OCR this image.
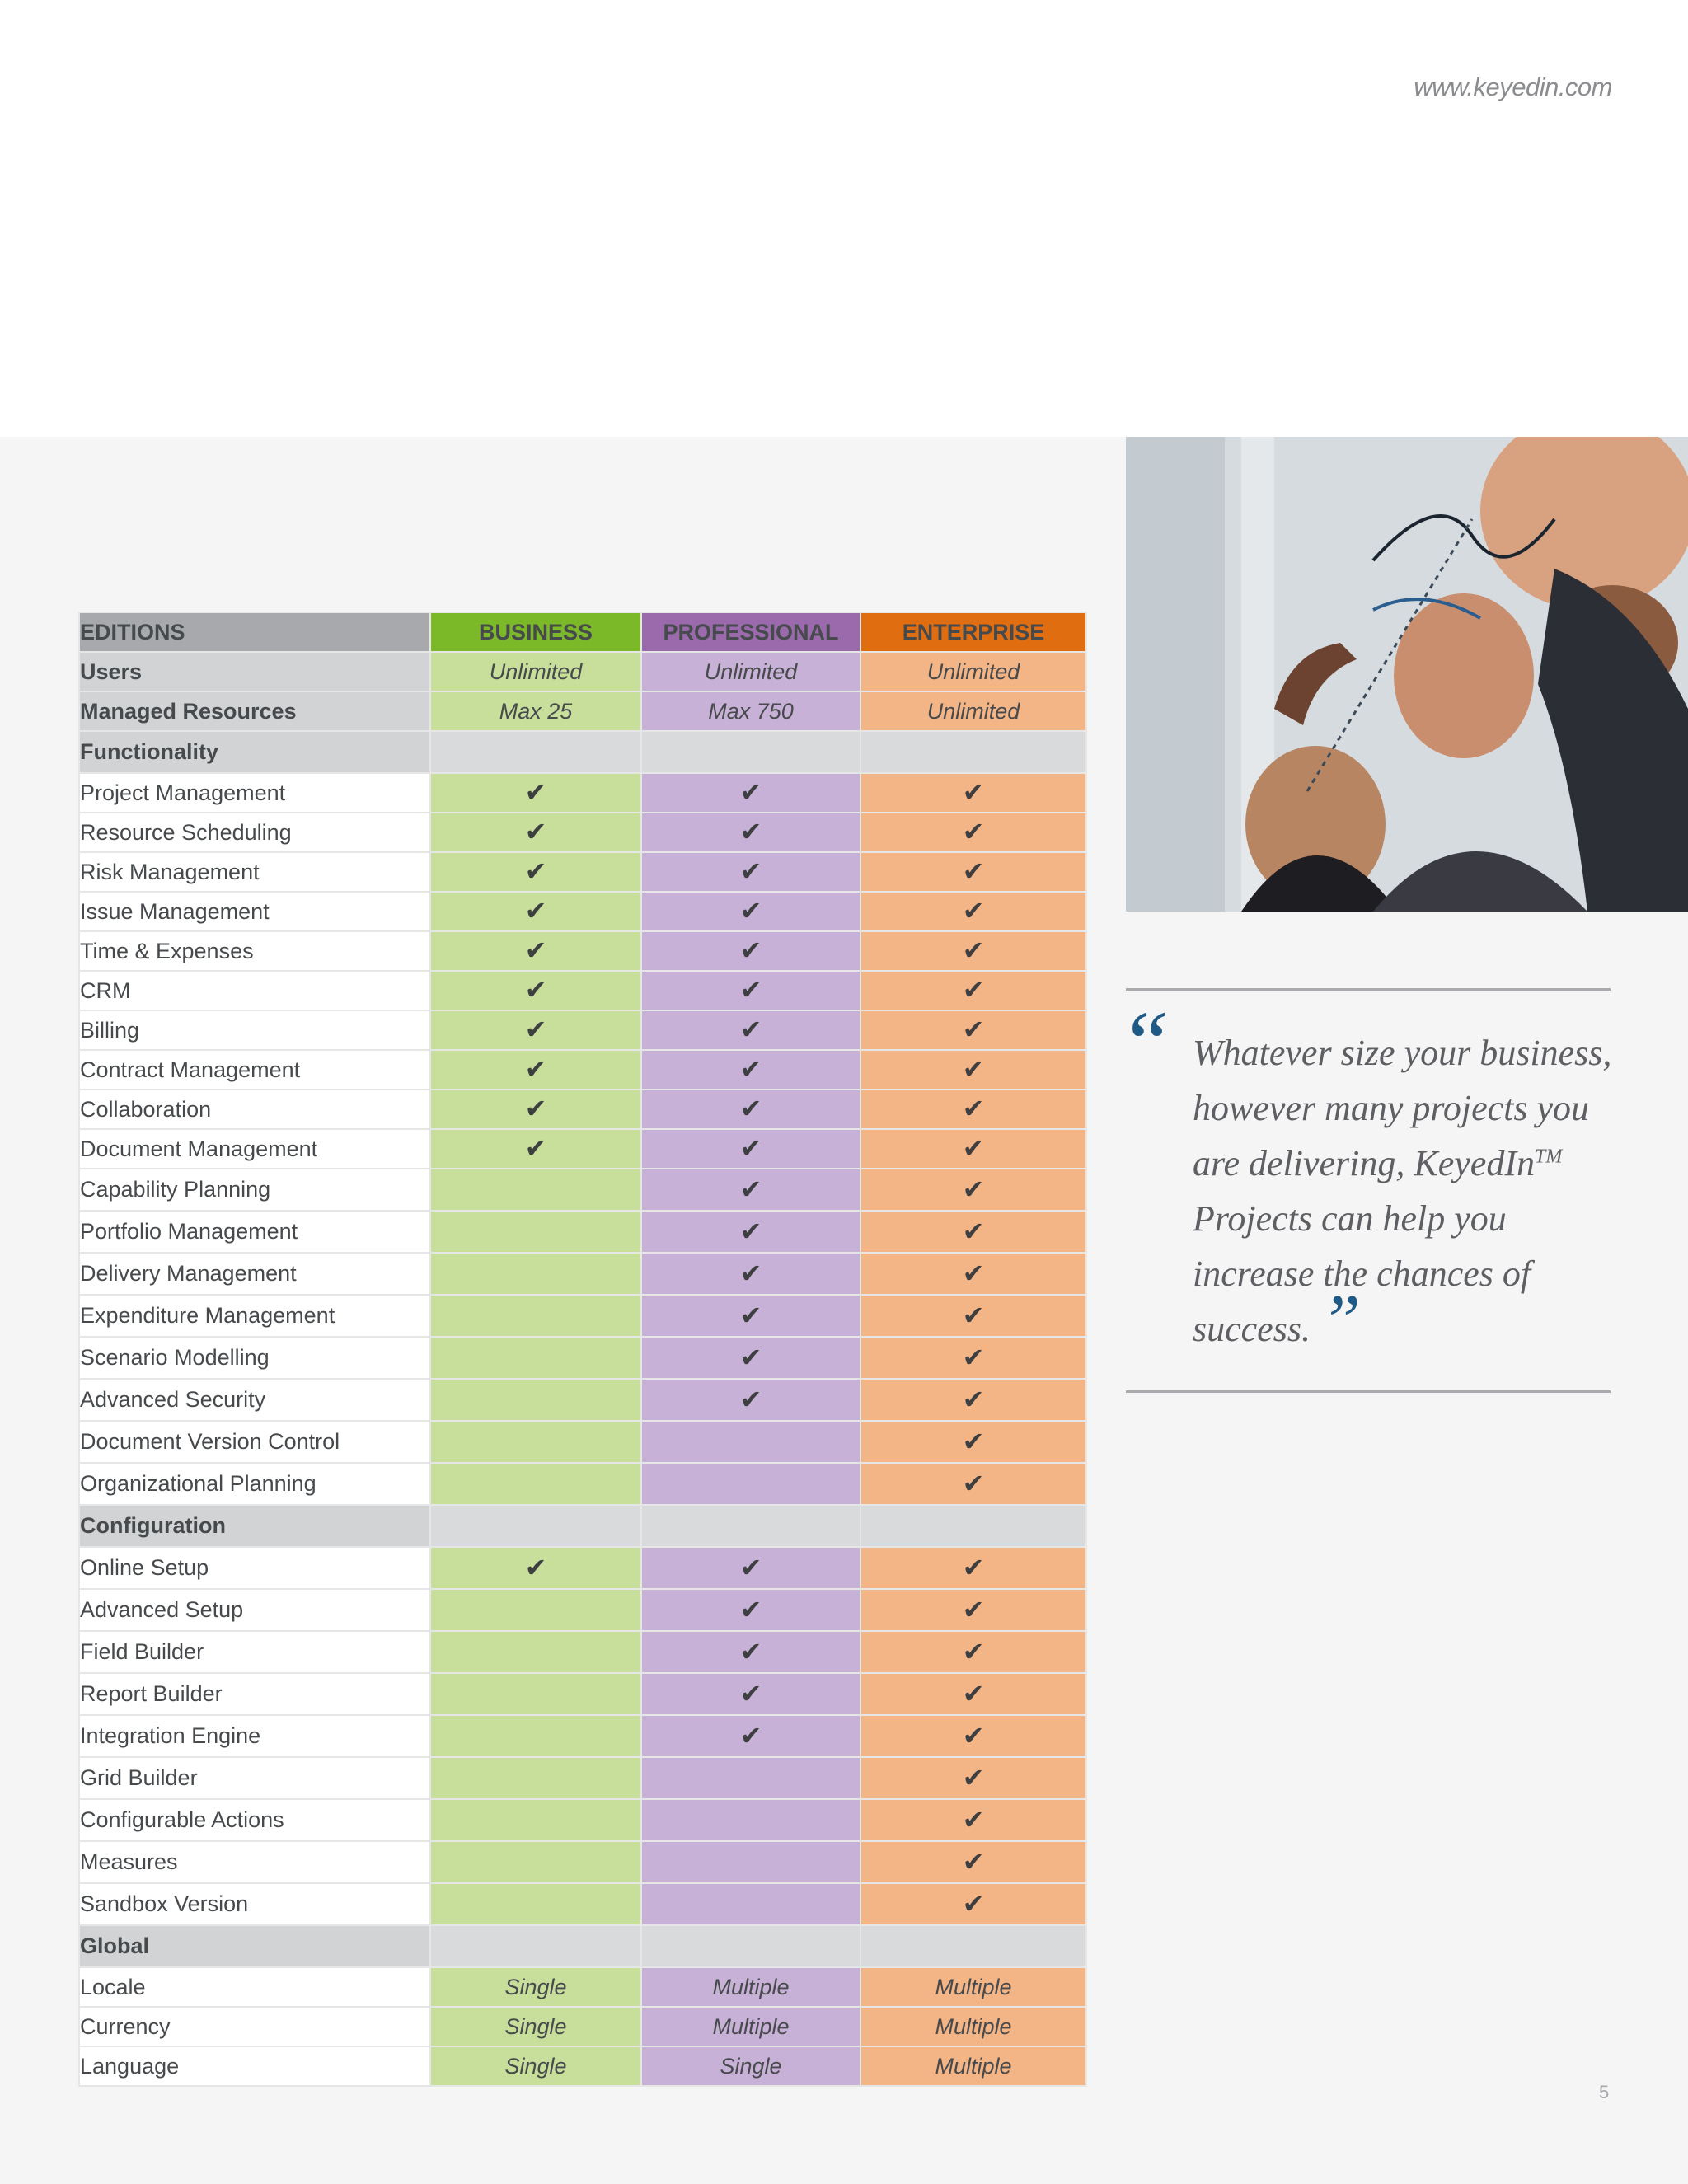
www.keyedin.com
EDITIONS	BUSINESS	PROFESSIONAL	ENTERPRISE
Users	Unlimited	Unlimited	Unlimited
Managed Resources	Max 25	Max 750	Unlimited
Functionality			
Project Management	✔	✔	✔
Resource Scheduling	✔	✔	✔
Risk Management	✔	✔	✔
Issue Management	✔	✔	✔
Time & Expenses	✔	✔	✔
CRM	✔	✔	✔
Billing	✔	✔	✔
Contract Management	✔	✔	✔
Collaboration	✔	✔	✔
Document Management	✔	✔	✔
Capability Planning		✔	✔
Portfolio Management		✔	✔
Delivery Management		✔	✔
Expenditure Management		✔	✔
Scenario Modelling		✔	✔
Advanced Security		✔	✔
Document Version Control			✔
Organizational Planning			✔
Configuration			
Online Setup	✔	✔	✔
Advanced Setup		✔	✔
Field Builder		✔	✔
Report Builder		✔	✔
Integration Engine		✔	✔
Grid Builder			✔
Configurable Actions			✔
Measures			✔
Sandbox Version			✔
Global			
Locale	Single	Multiple	Multiple
Currency	Single	Multiple	Multiple
Language	Single	Single	Multiple
“ Whatever size your business, however many projects you are delivering, KeyedIn™ Projects can help you increase the chances of success. ”
5
